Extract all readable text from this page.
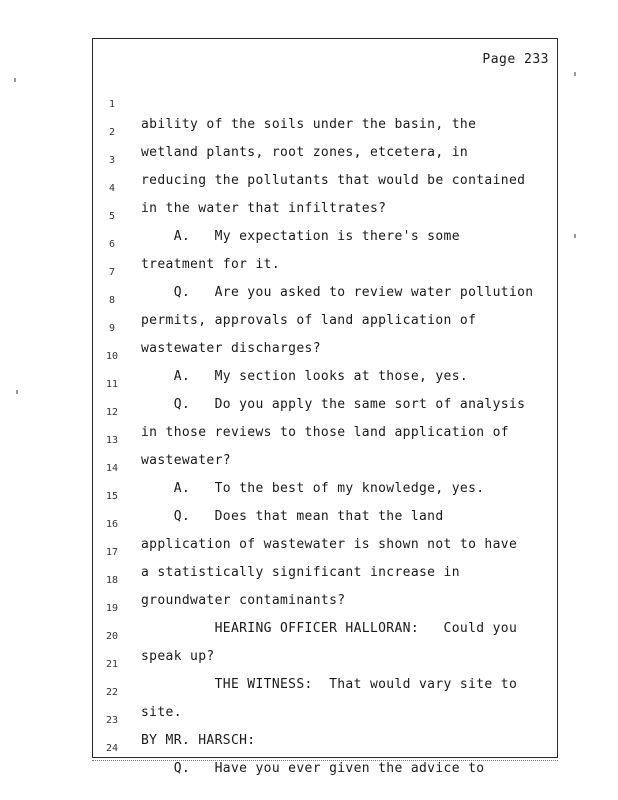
Page 233

1

ability of the soils under the basin, the

2

wetland plants, root zones, etcetera, in

3

reducing the pollutants that would be contained

4

in the water that infiltrates?

5

A.   My expectation is there's some

6

treatment for it.

7

Q.   Are you asked to review water pollution

8

permits, approvals of land application of

9

wastewater discharges?

10

A.   My section looks at those, yes.

11

Q.   Do you apply the same sort of analysis

12

in those reviews to those land application of

13

wastewater?

14

A.   To the best of my knowledge, yes.

15

Q.   Does that mean that the land

16

application of wastewater is shown not to have

17

a statistically significant increase in

18

groundwater contaminants?

19

HEARING OFFICER HALLORAN:   Could you

20

speak up?

21

THE WITNESS:  That would vary site to

22

site.

23

BY MR. HARSCH:

24

Q.   Have you ever given the advice to
